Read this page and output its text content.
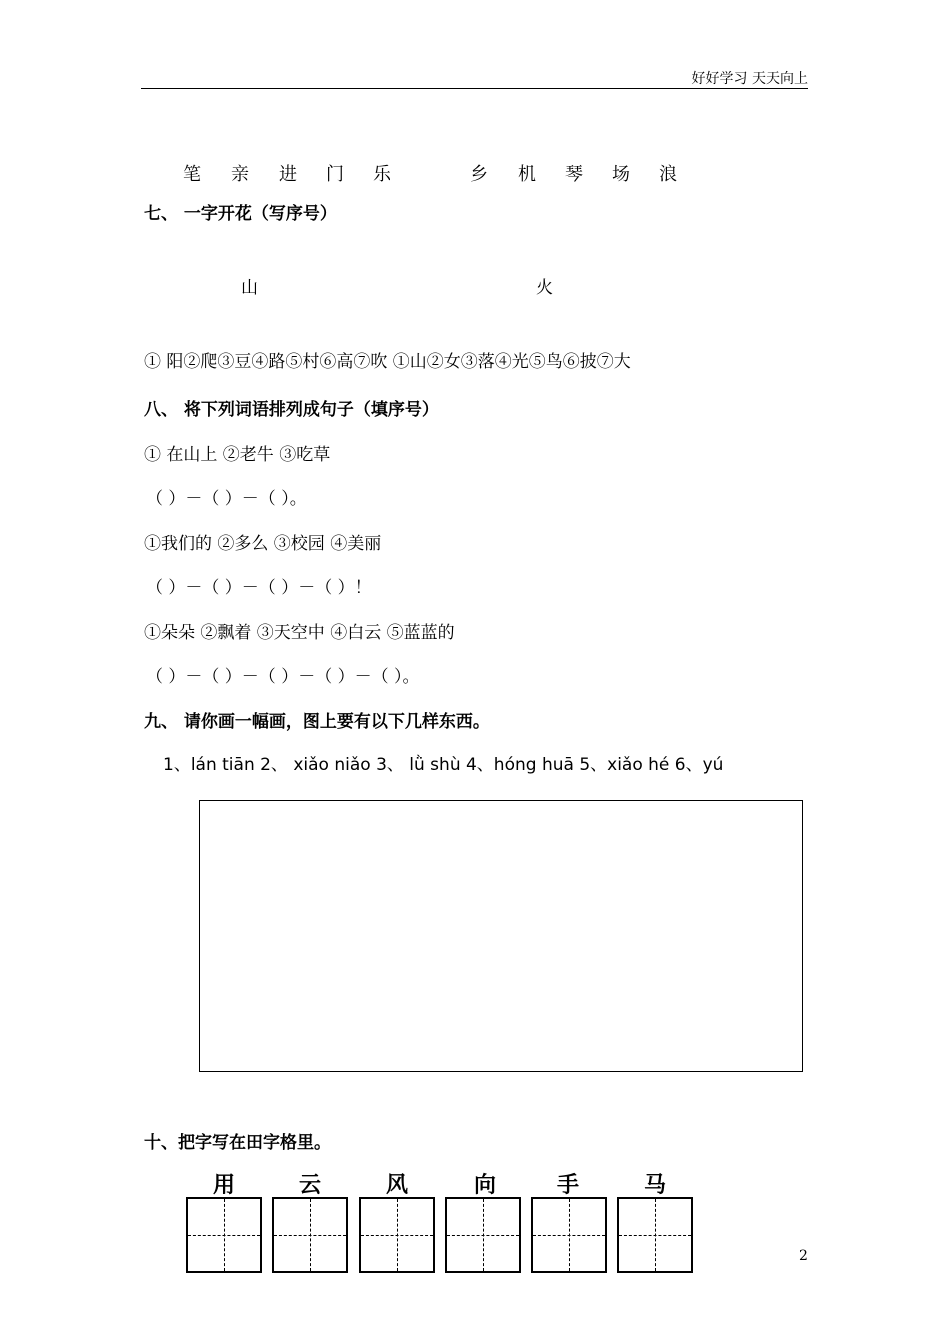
好好学习 天天向上
笔 亲 进 门 乐	乡 机 琴 场 浪
七、 一字开花（写序号）
山	火
① 阳②爬③豆④路⑤村⑥高⑦吹 ①山②女③落④光⑤鸟⑥披⑦大
八、 将下列词语排列成句子（填序号）
① 在山上 ②老牛 ③吃草
（ ）－（ ）－（ ）。
①我们的 ②多么 ③校园 ④美丽
（ ）－（ ）－（ ）－（ ）！
①朵朵 ②飘着 ③天空中 ④白云 ⑤蓝蓝的
（ ）－（ ）－（ ）－（ ）－（ ）。
九、 请你画一幅画，图上要有以下几样东西。
1、lán tiān 2、 xiǎo niǎo 3、 lǜ shù 4、hóng huā 5、xiǎo hé 6、yú
十、把字写在田字格里。
用	云	风	向	手	马
2
